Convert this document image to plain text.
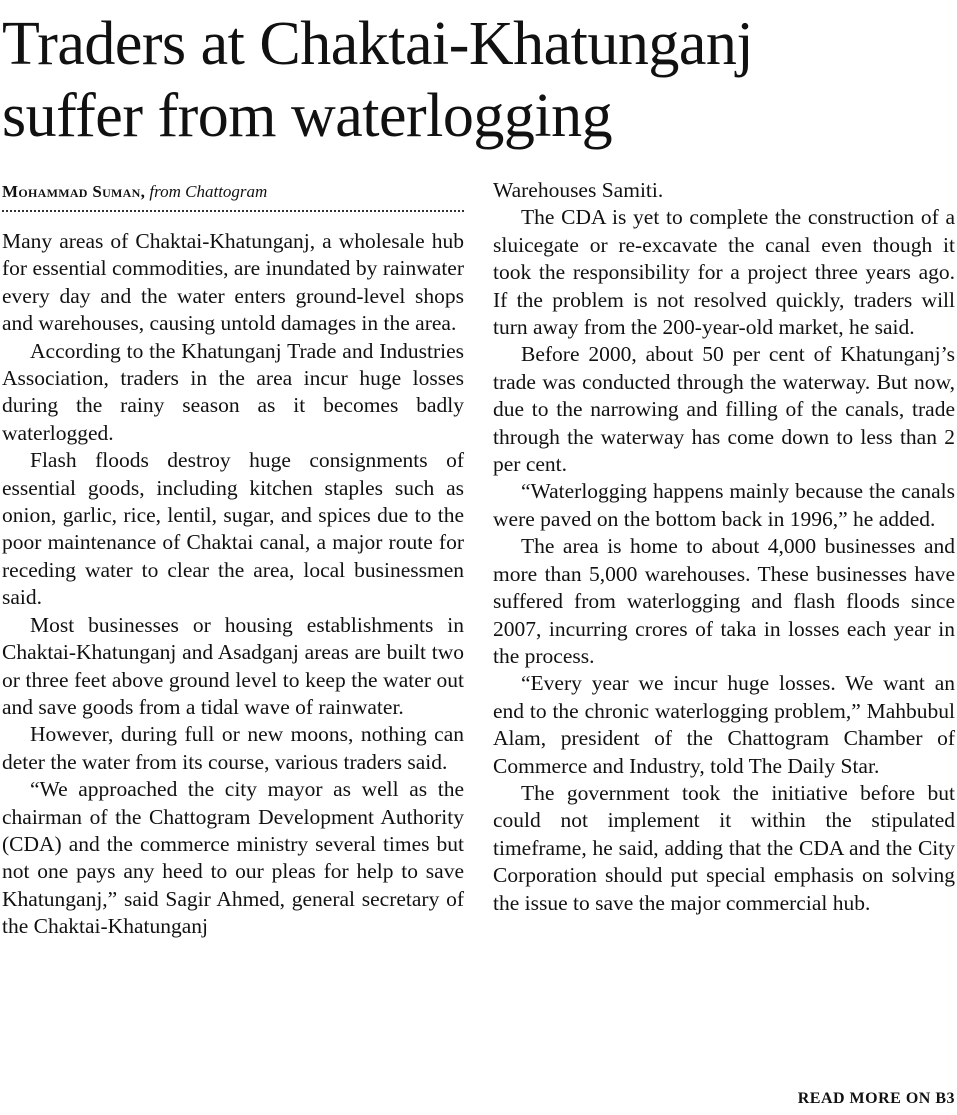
Traders at Chaktai-Khatunganj
suffer from waterlogging
Mohammad Suman, from Chattogram

Many areas of Chaktai-Khatunganj, a wholesale hub for essential commodities, are inundated by rainwater every day and the water enters ground-level shops and warehouses, causing untold damages in the area.

According to the Khatunganj Trade and Industries Association, traders in the area incur huge losses during the rainy season as it becomes badly waterlogged.

Flash floods destroy huge consignments of essential goods, including kitchen staples such as onion, garlic, rice, lentil, sugar, and spices due to the poor maintenance of Chaktai canal, a major route for receding water to clear the area, local businessmen said.

Most businesses or housing establishments in Chaktai-Khatunganj and Asadganj areas are built two or three feet above ground level to keep the water out and save goods from a tidal wave of rainwater.

However, during full or new moons, nothing can deter the water from its course, various traders said.

“We approached the city mayor as well as the chairman of the Chattogram Development Authority (CDA) and the commerce ministry several times but not one pays any heed to our pleas for help to save Khatunganj,” said Sagir Ahmed, general secretary of the Chaktai-Khatunganj

Warehouses Samiti.

The CDA is yet to complete the construction of a sluicegate or re-excavate the canal even though it took the responsibility for a project three years ago. If the problem is not resolved quickly, traders will turn away from the 200-year-old market, he said.

Before 2000, about 50 per cent of Khatunganj’s trade was conducted through the waterway. But now, due to the narrowing and filling of the canals, trade through the waterway has come down to less than 2 per cent.

“Waterlogging happens mainly because the canals were paved on the bottom back in 1996,” he added.

The area is home to about 4,000 businesses and more than 5,000 warehouses. These businesses have suffered from waterlogging and flash floods since 2007, incurring crores of taka in losses each year in the process.

“Every year we incur huge losses. We want an end to the chronic waterlogging problem,” Mahbubul Alam, president of the Chattogram Chamber of Commerce and Industry, told The Daily Star.

The government took the initiative before but could not implement it within the stipulated timeframe, he said, adding that the CDA and the City Corporation should put special emphasis on solving the issue to save the major commercial hub.

READ MORE ON B3
